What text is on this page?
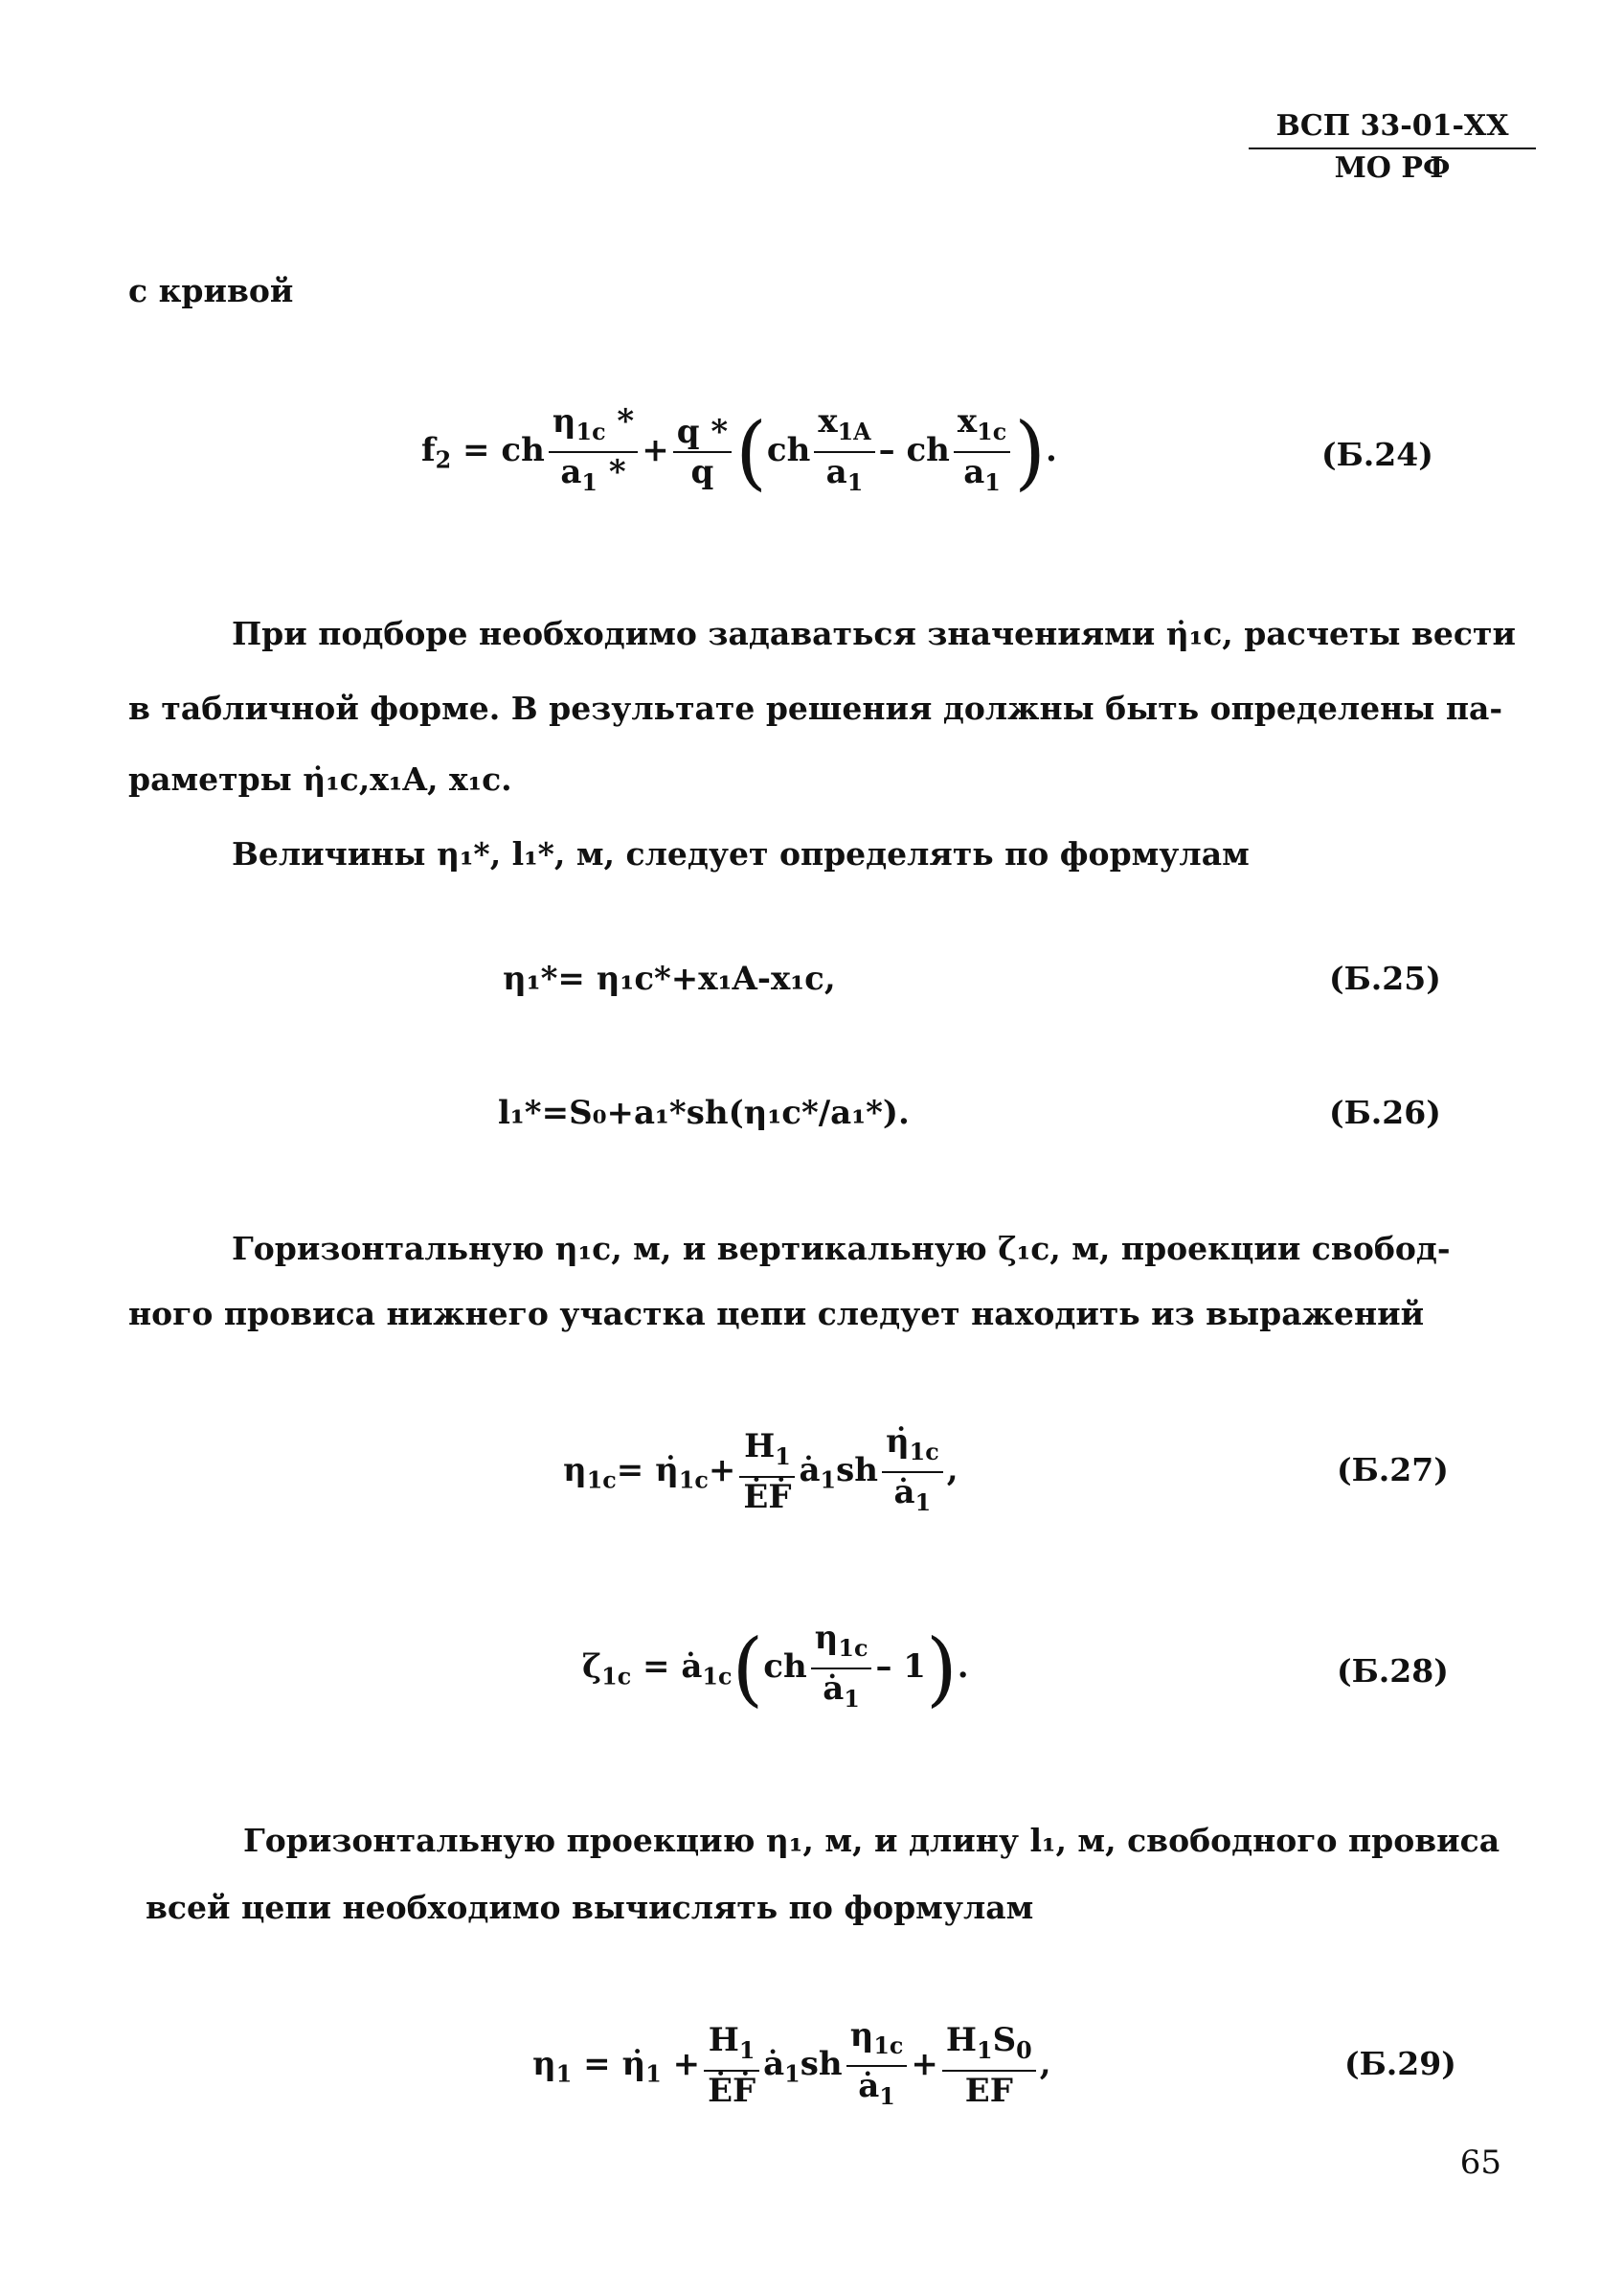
ВСП 33-01-XX
МО РФ
с кривой
$f_2$ = ch $\frac{\eta_{1c} *}{a_1 *} + \frac{q *}{q} (ch \frac{x_{1A}}{a_1}$ – ch $\frac{x_{1c}}{a_1}$ ).	(Б.24)
При подборе необходимо задаваться значениями η̇₁c, расчеты вести
в табличной форме. В результате решения должны быть определены па-
раметры η̇₁c,x₁A, x₁c.
Величины η₁*, l₁*, м, следует определять по формулам
η₁*= η₁c*+x₁A-x₁c,	(Б.25)
l₁*=S₀+a₁*sh(η₁c*/a₁*).	(Б.26)
Горизонтальную η₁c, м, и вертикальную ζ₁c, м, проекции свобод-
ного провиса нижнего участка цепи следует находить из выражений
$\eta_{1c}=$ $\etȧ_{1c}+ \frac{H_1}{ĖḞ}$ $ȧ_1sh \frac{\etȧ_{1c}}{ȧ_1}$ ,	(Б.27)
$\zeta_{1c}$ = $ȧ_{1c}(ch \frac{\eta_{1c}}{ȧ_1} - 1)$.	(Б.28)
Горизонтальную проекцию η₁, м, и длину l₁, м, свободного провиса
всей цепи необходимо вычислять по формулам
$\eta_1$ = $\etȧ_1 + \frac{H_1}{ĖḞ}$ $ȧ_1sh \frac{\eta_{1c}}{ȧ_1} + \frac{H_1S_0}{EF}$ ,	(Б.29)
65
